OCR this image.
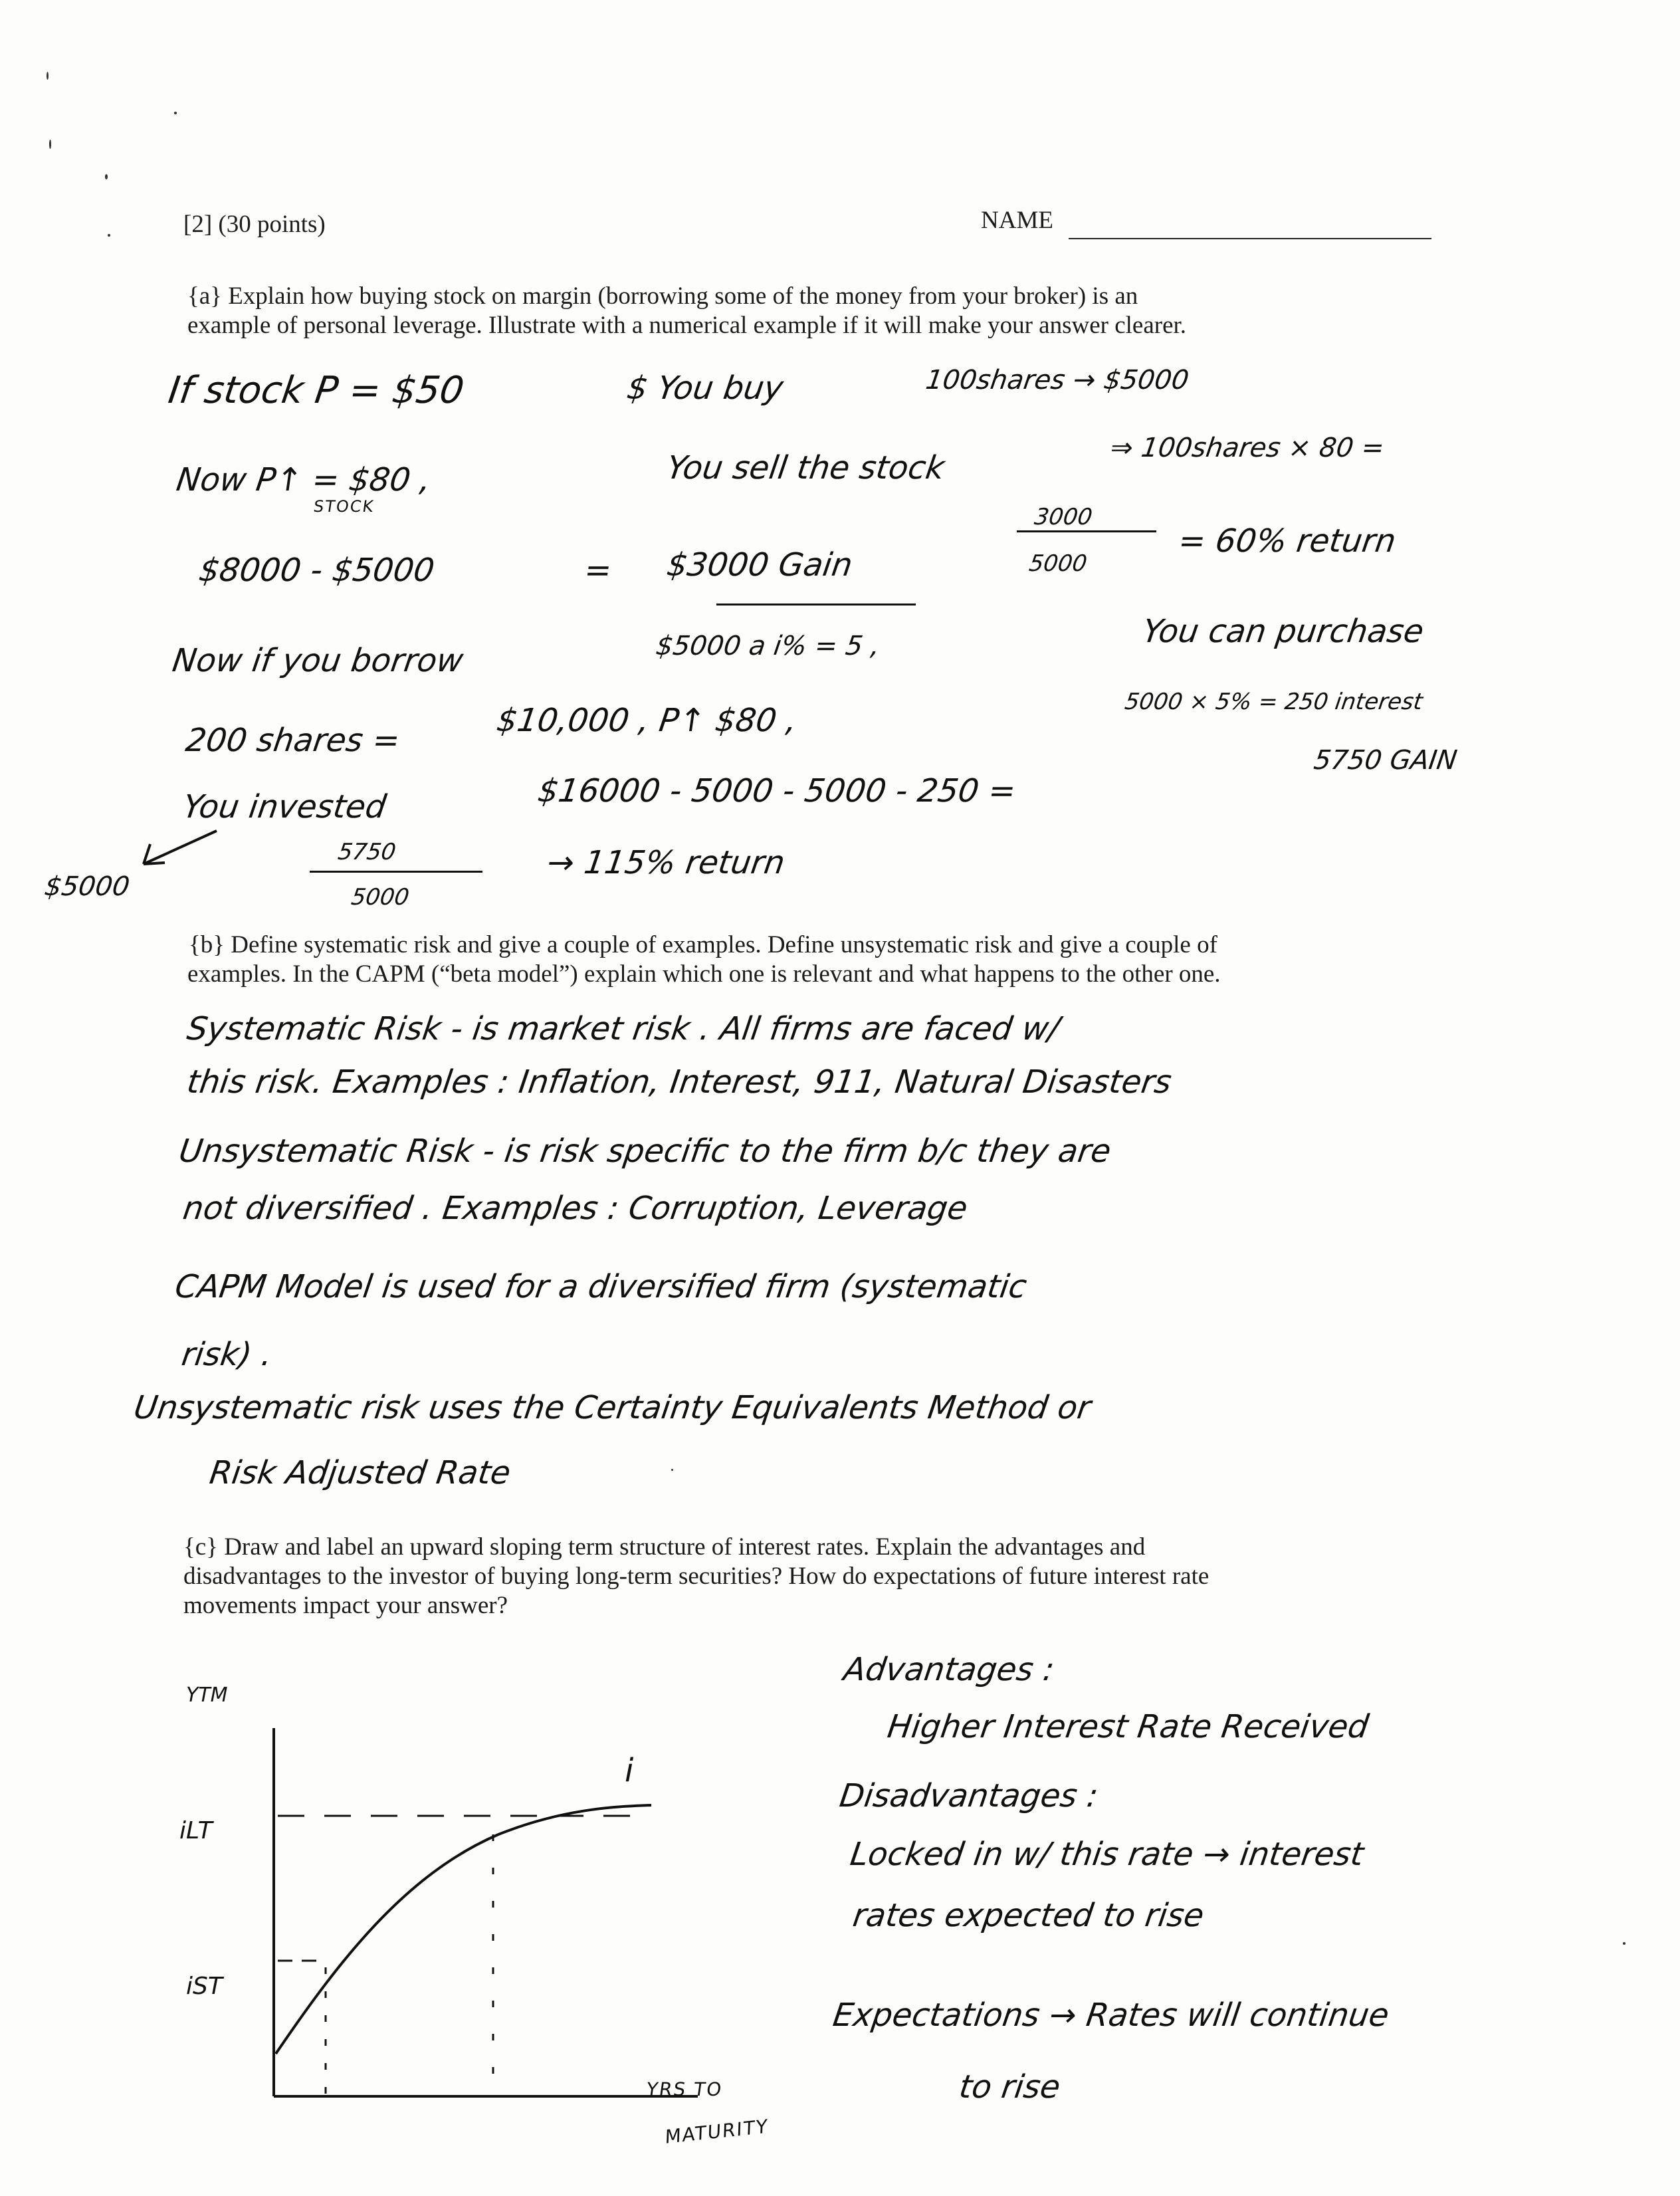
[2] (30 points)	NAME
{a} Explain how buying stock on margin (borrowing some of the money from your broker) is an
example of personal leverage. Illustrate with a numerical example if it will make your answer clearer.
If stock P = $50	$ You buy	100shares → $5000
Now P↑ = $80 ,
STOCK
You sell the stock
⇒ 100shares × 80 =
$8000 - $5000	= $3000 Gain
3000
5000
= 60% return
Now if you borrow	$5000 a i% = 5 ,	You can purchase
200 shares =
$10,000 , P↑ $80 ,	5000 × 5% = 250 interest
You invested	$16000 - 5000 - 5000 - 250 =
5750 GAIN
$5000
5750
5000
→ 115% return
{b} Define systematic risk and give a couple of examples. Define unsystematic risk and give a couple of
examples. In the CAPM (“beta model”) explain which one is relevant and what happens to the other one.
Systematic Risk - is market risk . All firms are faced w/
this risk. Examples : Inflation, Interest, 911, Natural Disasters
Unsystematic Risk - is risk specific to the firm b/c they are
not diversified . Examples : Corruption, Leverage
CAPM Model is used for a diversified firm (systematic
risk) .
Unsystematic risk uses the Certainty Equivalents Method or
Risk Adjusted Rate
{c} Draw and label an upward sloping term structure of interest rates. Explain the advantages and
disadvantages to the investor of buying long-term securities? How do expectations of future interest rate
movements impact your answer?
YTM
iLT
iST
i
YRS TO
MATURITY
Advantages :
Higher Interest Rate Received
Disadvantages :
Locked in w/ this rate → interest
rates expected to rise
Expectations → Rates will continue
to rise
